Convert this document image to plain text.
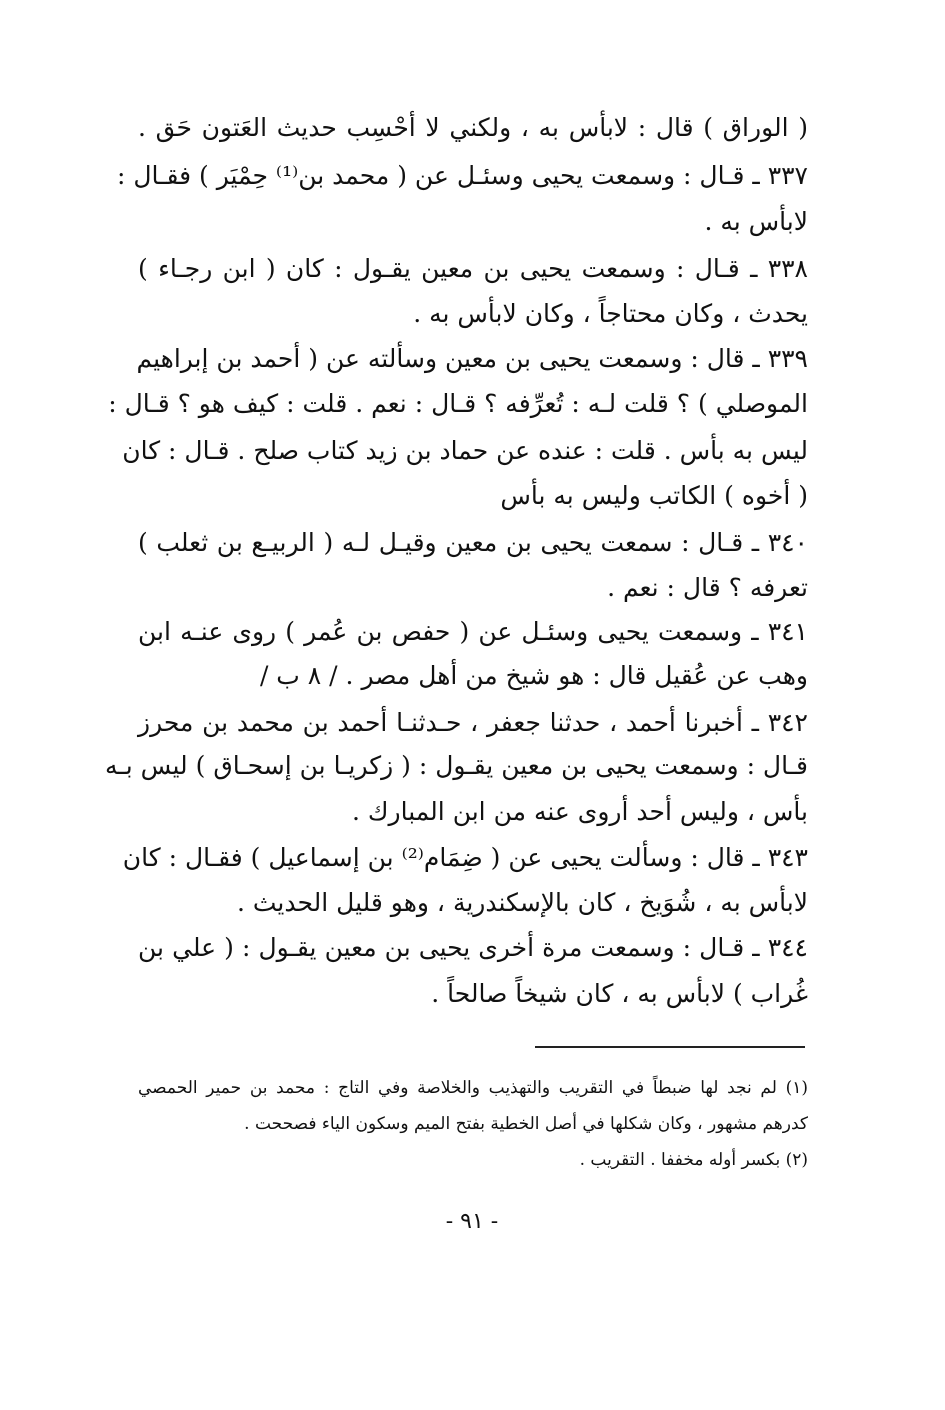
( الوراق ) قال : لابأس به ، ولكني لا أحْسِب حديث العَتون حَق .
٣٣٧ ـ قـال : وسمعت يحيى وسئـل عن ( محمد بن⁽¹⁾ حِمْيَر ) فقـال :
لابأس به .
٣٣٨ ـ قـال : وسمعت يحيى بن معين يقـول : كان ( ابن رجـاء )
يحدث ، وكان محتاجاً ، وكان لابأس به .
٣٣٩ ـ قال : وسمعت يحيى بن معين وسألته عن ( أحمد بن إبراهيم
الموصلي ) ؟ قلت لـه : تُعرِّفه ؟ قـال : نعم . قلت : كيف هو ؟ قـال :
ليس به بأس . قلت : عنده عن حماد بن زيد كتاب صلح . قـال : كان
( أخوه ) الكاتب وليس به بأس
٣٤٠ ـ قـال : سمعت يحيى بن معين وقيـل لـه ( الربيـع بن ثعلب )
تعرفه ؟ قال : نعم .
٣٤١ ـ وسمعت يحيى وسئـل عن ( حفص بن عُمر ) روى عنـه ابن
وهب عن عُقيل قال : هو شيخ من أهل مصر . / ٨ ب /
٣٤٢ ـ أخبرنا أحمد ، حدثنا جعفر ، حـدثنـا أحمد بن محمد بن محرز
قـال : وسمعت يحيى بن معين يقـول : ( زكريـا بن إسحـاق ) ليس بـه
بأس ، وليس أحد أروى عنه من ابن المبارك .
٣٤٣ ـ قال : وسألت يحيى عن ( ضِمَام⁽²⁾ بن إسماعيل ) فقـال : كان
لابأس به ، شُوَيخ ، كان بالإسكندرية ، وهو قليل الحديث .
٣٤٤ ـ قـال : وسمعت مرة أخرى يحيى بن معين يقـول : ( علي بن
غُراب ) لابأس به ، كان شيخاً صالحاً .
(١) لم نجد لها ضبطاً في التقريب والتهذيب والخلاصة وفي التاج : محمد بن حمير الحمصي
كدرهم مشهور ، وكان شكلها في أصل الخطية بفتح الميم وسكون الياء فصححت .
(٢) بكسر أوله مخففا . التقريب .
- ٩١ -
